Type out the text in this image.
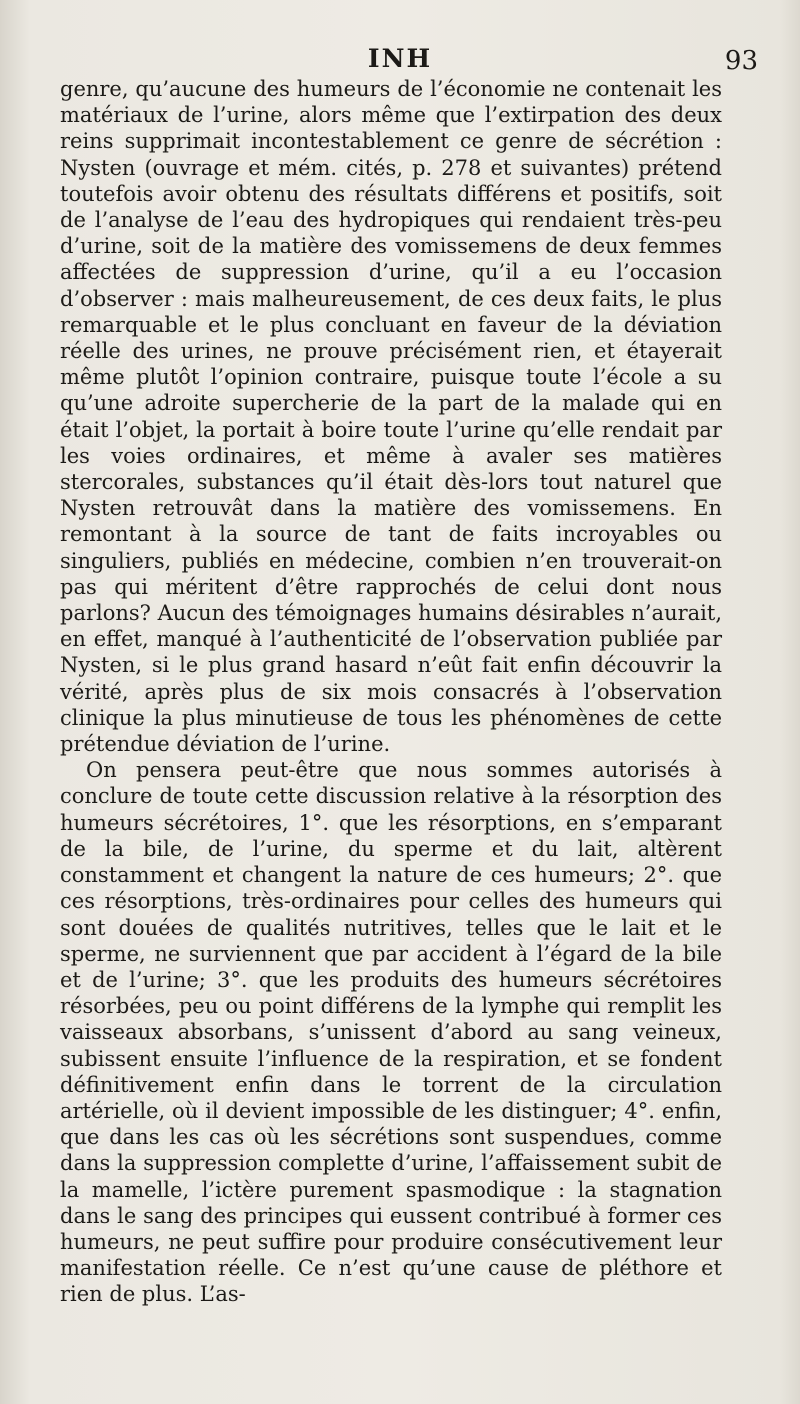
INH	93

genre, qu’aucune des humeurs de l’économie ne contenait les matériaux de l’urine, alors même que l’extirpation des deux reins supprimait incontestablement ce genre de sécrétion : Nysten (ouvrage et mém. cités, p. 278 et suivantes) prétend toutefois avoir obtenu des résultats différens et positifs, soit de l’analyse de l’eau des hydropiques qui rendaient très-peu d’urine, soit de la matière des vomissemens de deux femmes affectées de suppression d’urine, qu’il a eu l’occasion d’observer : mais malheureusement, de ces deux faits, le plus remarquable et le plus concluant en faveur de la déviation réelle des urines, ne prouve précisément rien, et étayerait même plutôt l’opinion contraire, puisque toute l’école a su qu’une adroite supercherie de la part de la malade qui en était l’objet, la portait à boire toute l’urine qu’elle rendait par les voies ordinaires, et même à avaler ses matières stercorales, substances qu’il était dès-lors tout naturel que Nysten retrouvât dans la matière des vomissemens. En remontant à la source de tant de faits incroyables ou singuliers, publiés en médecine, combien n’en trouverait-on pas qui méritent d’être rapprochés de celui dont nous parlons? Aucun des témoignages humains désirables n’aurait, en effet, manqué à l’authenticité de l’observation publiée par Nysten, si le plus grand hasard n’eût fait enfin découvrir la vérité, après plus de six mois consacrés à l’observation clinique la plus minutieuse de tous les phénomènes de cette prétendue déviation de l’urine.

On pensera peut-être que nous sommes autorisés à conclure de toute cette discussion relative à la résorption des humeurs sécrétoires, 1°. que les résorptions, en s’emparant de la bile, de l’urine, du sperme et du lait, altèrent constamment et changent la nature de ces humeurs; 2°. que ces résorptions, très-ordinaires pour celles des humeurs qui sont douées de qualités nutritives, telles que le lait et le sperme, ne surviennent que par accident à l’égard de la bile et de l’urine; 3°. que les produits des humeurs sécrétoires résorbées, peu ou point différens de la lymphe qui remplit les vaisseaux absorbans, s’unissent d’abord au sang veineux, subissent ensuite l’influence de la respiration, et se fondent définitivement enfin dans le torrent de la circulation artérielle, où il devient impossible de les distinguer; 4°. enfin, que dans les cas où les sécrétions sont suspendues, comme dans la suppression complette d’urine, l’affaissement subit de la mamelle, l’ictère purement spasmodique : la stagnation dans le sang des principes qui eussent contribué à former ces humeurs, ne peut suffire pour produire consécutivement leur manifestation réelle. Ce n’est qu’une cause de pléthore et rien de plus. L’as-
